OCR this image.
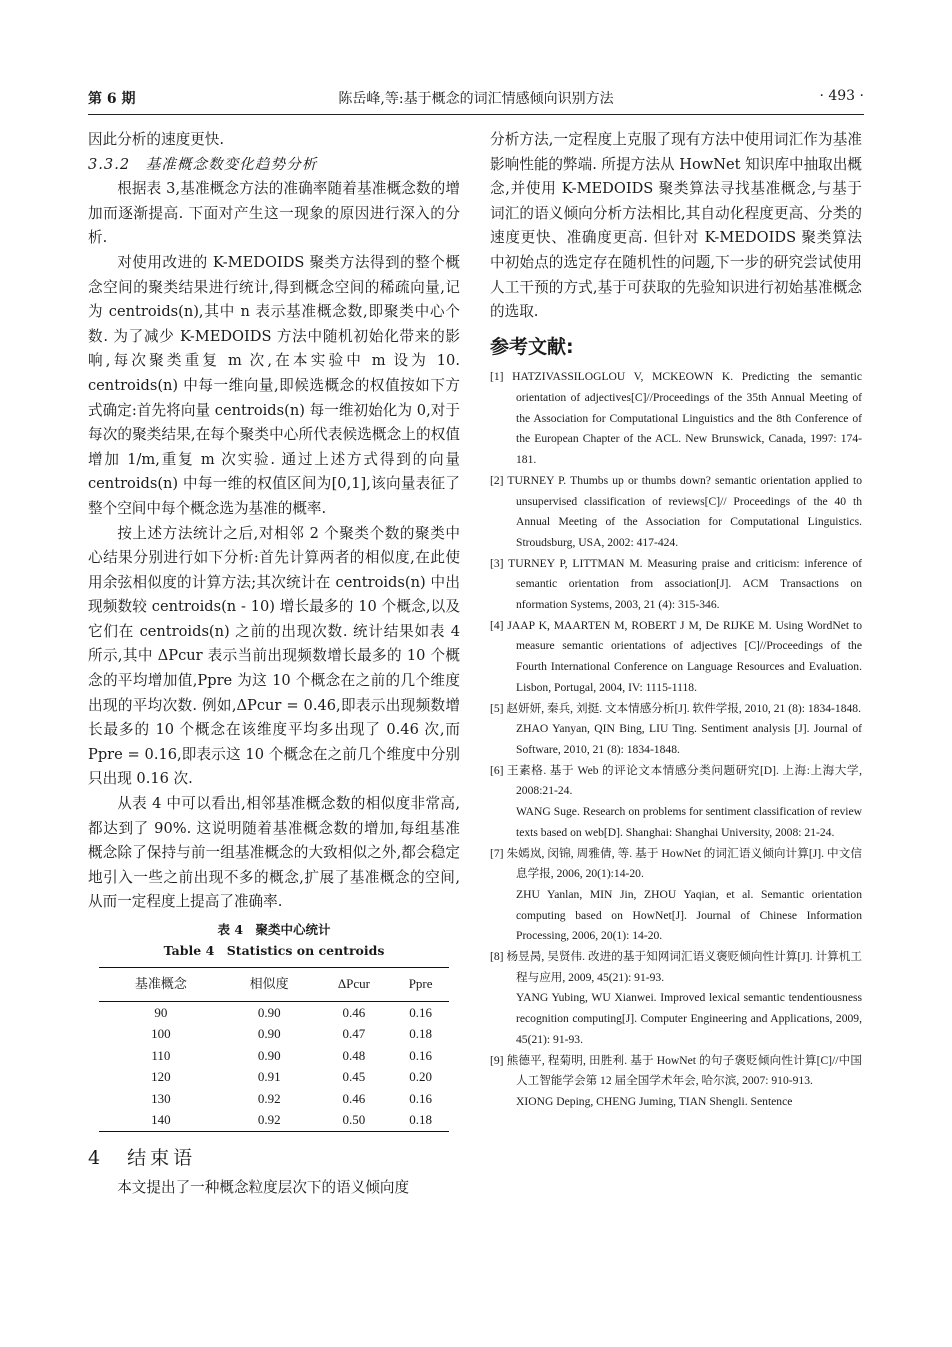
第 6 期	陈岳峰,等:基于概念的词汇情感倾向识别方法	· 493 ·

因此分析的速度更快.

3.3.2　基准概念数变化趋势分析

根据表 3,基准概念方法的准确率随着基准概念数的增加而逐渐提高. 下面对产生这一现象的原因进行深入的分析.

对使用改进的 K-MEDOIDS 聚类方法得到的整个概念空间的聚类结果进行统计,得到概念空间的稀疏向量,记为 centroids(n),其中 n 表示基准概念数,即聚类中心个数. 为了减少 K-MEDOIDS 方法中随机初始化带来的影响,每次聚类重复 m 次,在本实验中 m 设为 10. centroids(n) 中每一维向量,即候选概念的权值按如下方式确定:首先将向量 centroids(n) 每一维初始化为 0,对于每次的聚类结果,在每个聚类中心所代表候选概念上的权值增加 1/m,重复 m 次实验. 通过上述方式得到的向量 centroids(n) 中每一维的权值区间为[0,1],该向量表征了整个空间中每个概念选为基准的概率.

按上述方法统计之后,对相邻 2 个聚类个数的聚类中心结果分别进行如下分析:首先计算两者的相似度,在此使用余弦相似度的计算方法;其次统计在 centroids(n) 中出现频数较 centroids(n - 10) 增长最多的 10 个概念,以及它们在 centroids(n) 之前的出现次数. 统计结果如表 4 所示,其中 ΔPcur 表示当前出现频数增长最多的 10 个概念的平均增加值,Ppre 为这 10 个概念在之前的几个维度出现的平均次数. 例如,ΔPcur = 0.46,即表示出现频数增长最多的 10 个概念在该维度平均多出现了 0.46 次,而 Ppre = 0.16,即表示这 10 个概念在之前几个维度中分别只出现 0.16 次.

从表 4 中可以看出,相邻基准概念数的相似度非常高,都达到了 90%. 这说明随着基准概念数的增加,每组基准概念除了保持与前一组基准概念的大致相似之外,都会稳定地引入一些之前出现不多的概念,扩展了基准概念的空间,从而一定程度上提高了准确率.

表 4　聚类中心统计
Table 4　Statistics on centroids
基准概念	相似度	ΔPcur	Ppre
90	0.90	0.46	0.16
100	0.90	0.47	0.18
110	0.90	0.48	0.16
120	0.91	0.45	0.20
130	0.92	0.46	0.16
140	0.92	0.50	0.18
4　结束语

本文提出了一种概念粒度层次下的语义倾向度

分析方法,一定程度上克服了现有方法中使用词汇作为基准影响性能的弊端. 所提方法从 HowNet 知识库中抽取出概念,并使用 K-MEDOIDS 聚类算法寻找基准概念,与基于词汇的语义倾向分析方法相比,其自动化程度更高、分类的速度更快、准确度更高. 但针对 K-MEDOIDS 聚类算法中初始点的选定存在随机性的问题,下一步的研究尝试使用人工干预的方式,基于可获取的先验知识进行初始基准概念的选取.

参考文献:
[1] HATZIVASSILOGLOU V, MCKEOWN K. Predicting the semantic orientation of adjectives[C]//Proceedings of the 35th Annual Meeting of the Association for Computational Linguistics and the 8th Conference of the European Chapter of the ACL. New Brunswick, Canada, 1997: 174-181.
[2] TURNEY P. Thumbs up or thumbs down? semantic orientation applied to unsupervised classification of reviews[C]// Proceedings of the 40 th Annual Meeting of the Association for Computational Linguistics. Stroudsburg, USA, 2002: 417-424.
[3] TURNEY P, LITTMAN M. Measuring praise and criticism: inference of semantic orientation from association[J]. ACM Transactions on nformation Systems, 2003, 21 (4): 315-346.
[4] JAAP K, MAARTEN M, ROBERT J M, De RIJKE M. Using WordNet to measure semantic orientations of adjectives [C]//Proceedings of the Fourth International Conference on Language Resources and Evaluation. Lisbon, Portugal, 2004, IV: 1115-1118.
[5] 赵妍妍, 秦兵, 刘挺. 文本情感分析[J]. 软件学报, 2010, 21 (8): 1834-1848.
ZHAO Yanyan, QIN Bing, LIU Ting. Sentiment analysis [J]. Journal of Software, 2010, 21 (8): 1834-1848.
[6] 王素格. 基于 Web 的评论文本情感分类问题研究[D]. 上海:上海大学, 2008:21-24.
WANG Suge. Research on problems for sentiment classification of review texts based on web[D]. Shanghai: Shanghai University, 2008: 21-24.
[7] 朱嫣岚, 闵锦, 周雅倩, 等. 基于 HowNet 的词汇语义倾向计算[J]. 中文信息学报, 2006, 20(1):14-20.
ZHU Yanlan, MIN Jin, ZHOU Yaqian, et al. Semantic orientation computing based on HowNet[J]. Journal of Chinese Information Processing, 2006, 20(1): 14-20.
[8] 杨昱昺, 吴贤伟. 改进的基于知网词汇语义褒贬倾向性计算[J]. 计算机工程与应用, 2009, 45(21): 91-93.
YANG Yubing, WU Xianwei. Improved lexical semantic tendentiousness recognition computing[J]. Computer Engineering and Applications, 2009, 45(21): 91-93.
[9] 熊德平, 程菊明, 田胜利. 基于 HowNet 的句子褒贬倾向性计算[C]//中国人工智能学会第 12 届全国学术年会, 哈尔滨, 2007: 910-913.
XIONG Deping, CHENG Juming, TIAN Shengli. Sentence
